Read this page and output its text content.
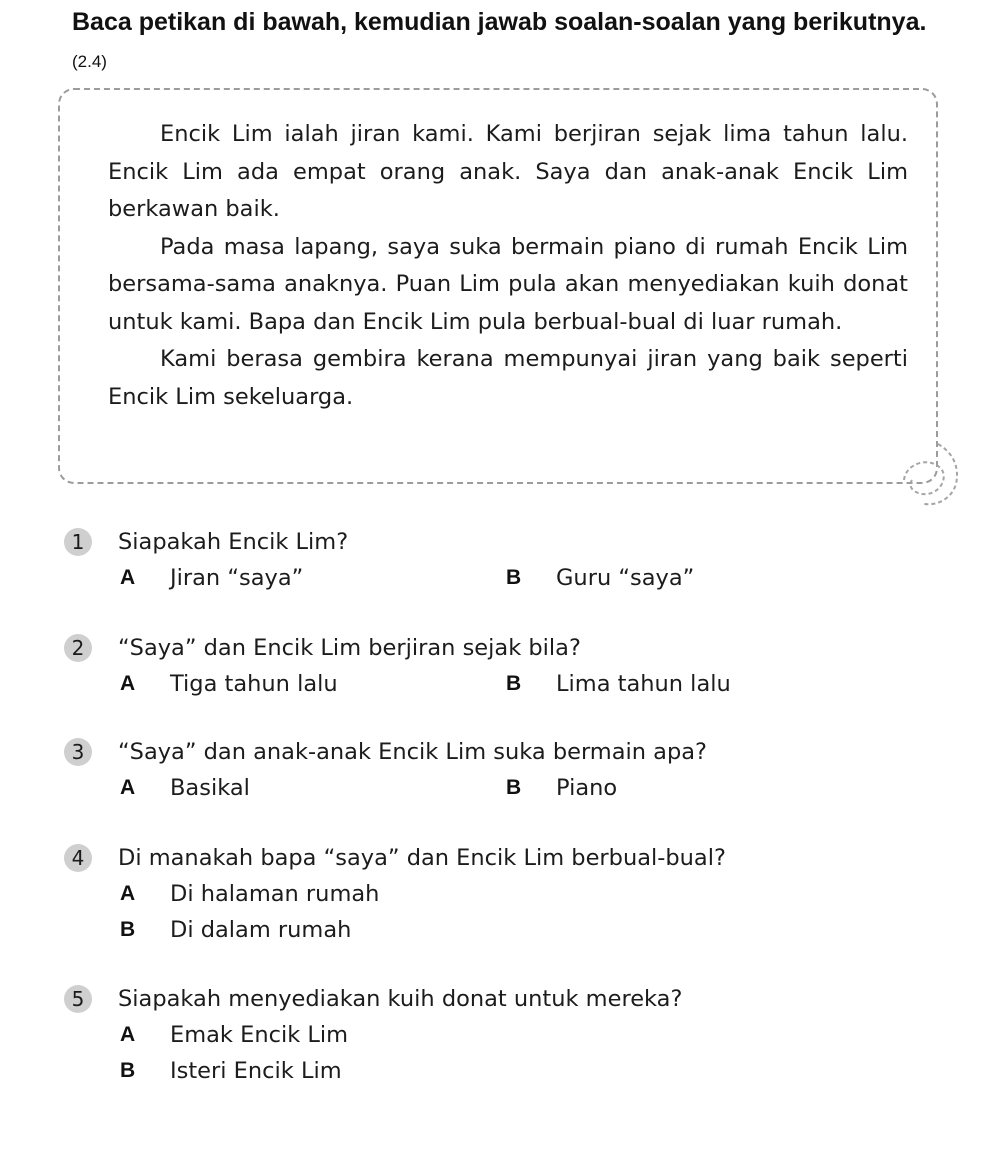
Baca petikan di bawah, kemudian jawab soalan-soalan yang berikutnya.(2.4)

Encik Lim ialah jiran kami. Kami berjiran sejak lima tahun lalu. Encik Lim ada empat orang anak. Saya dan anak-anak Encik Lim berkawan baik.

Pada masa lapang, saya suka bermain piano di rumah Encik Lim bersama-sama anaknya. Puan Lim pula akan menyediakan kuih donat untuk kami. Bapa dan Encik Lim pula berbual-bual di luar rumah.

Kami berasa gembira kerana mempunyai jiran yang baik seperti Encik Lim sekeluarga.

1	Siapakah Encik Lim?
A	Jiran “saya”	B	Guru “saya”
2	“Saya” dan Encik Lim berjiran sejak bila?
A	Tiga tahun lalu	B	Lima tahun lalu
3	“Saya” dan anak-anak Encik Lim suka bermain apa?
A	Basikal	B	Piano
4	Di manakah bapa “saya” dan Encik Lim berbual-bual?
A	Di halaman rumah
B	Di dalam rumah
5	Siapakah menyediakan kuih donat untuk mereka?
A	Emak Encik Lim
B	Isteri Encik Lim
